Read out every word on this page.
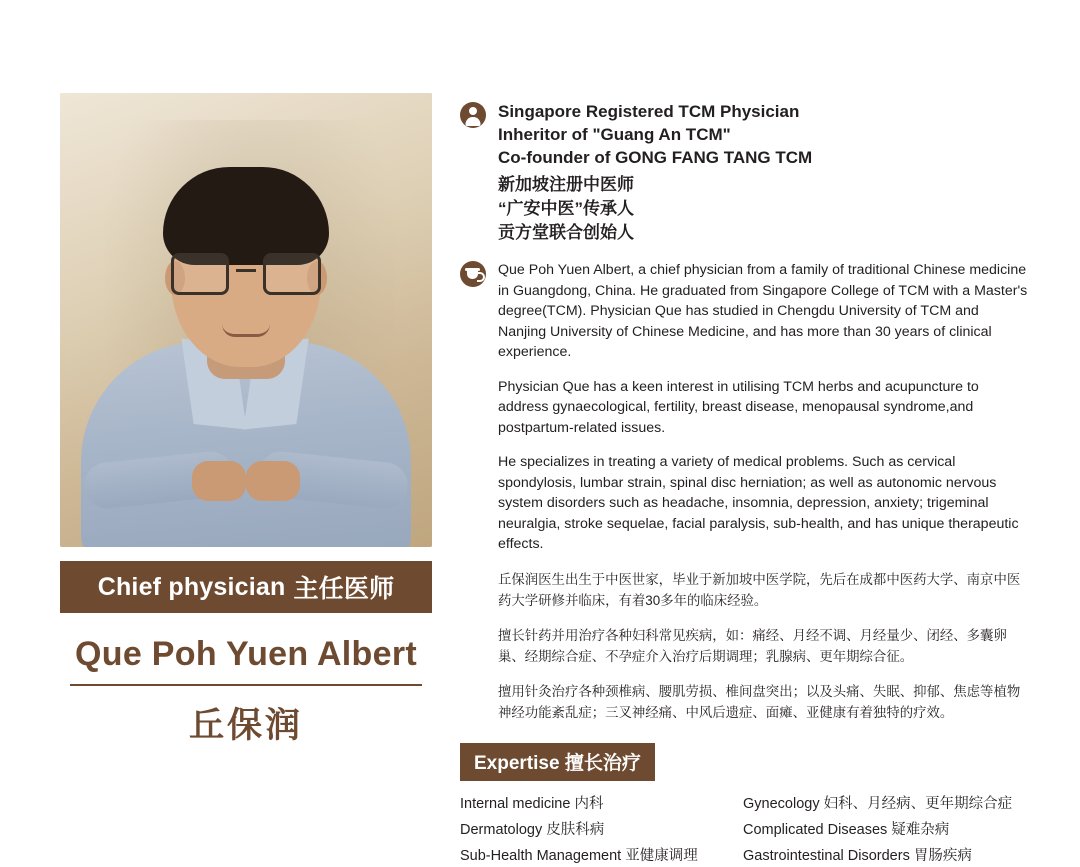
Chief physician 主任医师
Que Poh Yuen Albert
丘保润
Singapore Registered TCM Physician
Inheritor of "Guang An TCM"
Co-founder of GONG FANG TANG TCM
新加坡注册中医师
“广安中医”传承人
贡方堂联合创始人

Que Poh Yuen Albert, a chief physician from a family of traditional Chinese medicine in Guangdong, China. He graduated from Singapore College of TCM with a Master's degree(TCM). Physician Que has studied in Chengdu University of TCM and Nanjing University of Chinese Medicine, and has more than 30 years of clinical experience.

Physician Que has a keen interest in utilising TCM herbs and acupuncture to address gynaecological, fertility, breast disease, menopausal syndrome,and postpartum-related issues.

He specializes in treating a variety of medical problems. Such as cervical spondylosis, lumbar strain, spinal disc herniation; as well as autonomic nervous system disorders such as headache, insomnia, depression, anxiety; trigeminal neuralgia, stroke sequelae, facial paralysis, sub-health, and has unique therapeutic effects.

丘保润医生出生于中医世家，毕业于新加坡中医学院，先后在成都中医药大学、南京中医药大学研修并临床，有着30多年的临床经验。

擅长针药并用治疗各种妇科常见疾病，如：痛经、月经不调、月经量少、闭经、多囊卵巢、经期综合症、不孕症介入治疗后期调理；乳腺病、更年期综合征。

擅用针灸治疗各种颈椎病、腰肌劳损、椎间盘突出；以及头痛、失眠、抑郁、焦虑等植物神经功能紊乱症；三叉神经痛、中风后遗症、面瘫、亚健康有着独特的疗效。

Expertise 擅长治疗
Internal medicine 内科	Gynecology 妇科、月经病、更年期综合症
Dermatology 皮肤科病	Complicated Diseases 疑难杂病
Sub-Health Management 亚健康调理	Gastrointestinal Disorders 胃肠疾病
